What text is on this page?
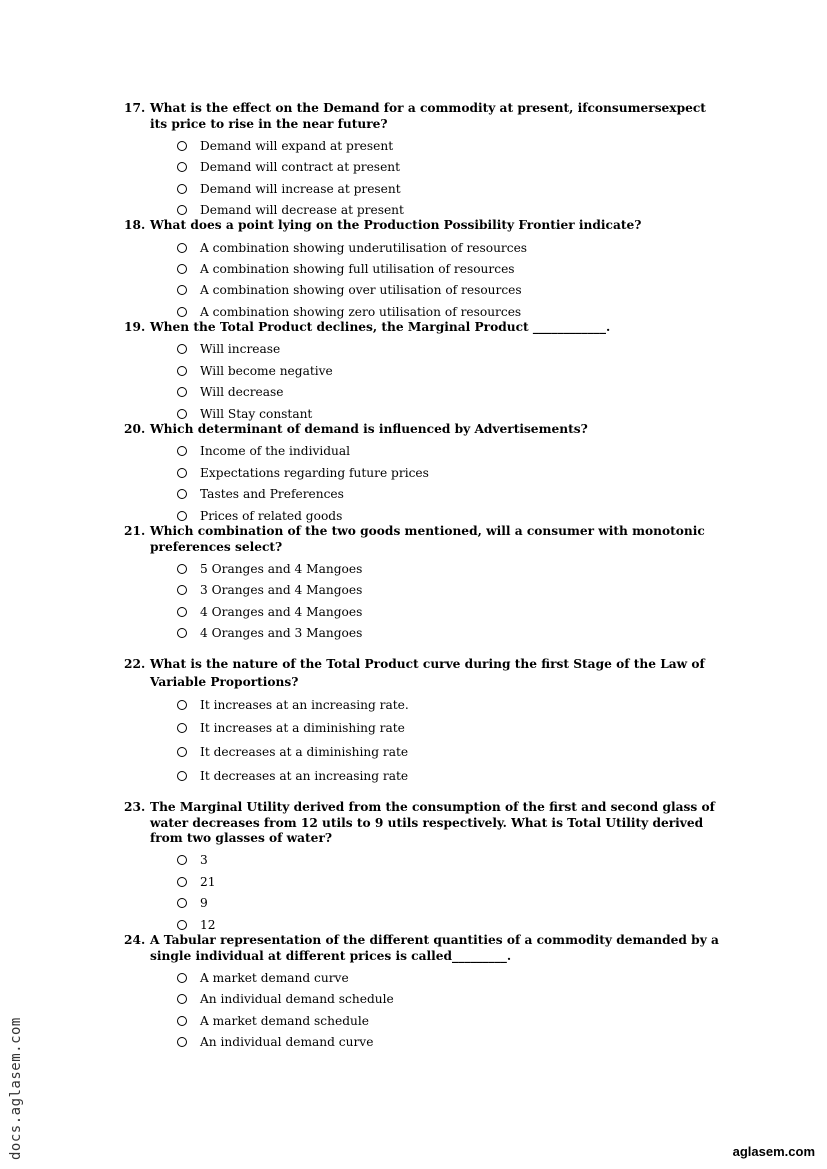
17. What is the effect on the Demand for a commodity at present, ifconsumersexpect its price to rise in the near future?
Demand will expand at present
Demand will contract at present
Demand will increase at present
Demand will decrease at present
18. What does a point lying on the Production Possibility Frontier indicate?
A combination showing underutilisation of resources
A combination showing full utilisation of resources
A combination showing over utilisation of resources
A combination showing zero utilisation of resources
19. When the Total Product declines, the Marginal Product ____________.
Will increase
Will become negative
Will decrease
Will Stay constant
20. Which determinant of demand is influenced by Advertisements?
Income of the individual
Expectations regarding future prices
Tastes and Preferences
Prices of related goods
21. Which combination of the two goods mentioned, will a consumer with monotonic preferences select?
5 Oranges and 4 Mangoes
3 Oranges and 4 Mangoes
4 Oranges and 4 Mangoes
4 Oranges and 3 Mangoes
22. What is the nature of the Total Product curve during the first Stage of the Law of Variable Proportions?
It increases at an increasing rate.
It increases at a diminishing rate
It decreases at a diminishing rate
It decreases at an increasing rate
23. The Marginal Utility derived from the consumption of the first and second glass of water decreases from 12 utils to 9 utils respectively. What is Total Utility derived from two glasses of water?
3
21
9
12
24. A Tabular representation of the different quantities of a commodity demanded by a single individual at different prices is called_________.
A market demand curve
An individual demand schedule
A market demand schedule
An individual demand curve
docs.aglasem.com	aglasem.com
